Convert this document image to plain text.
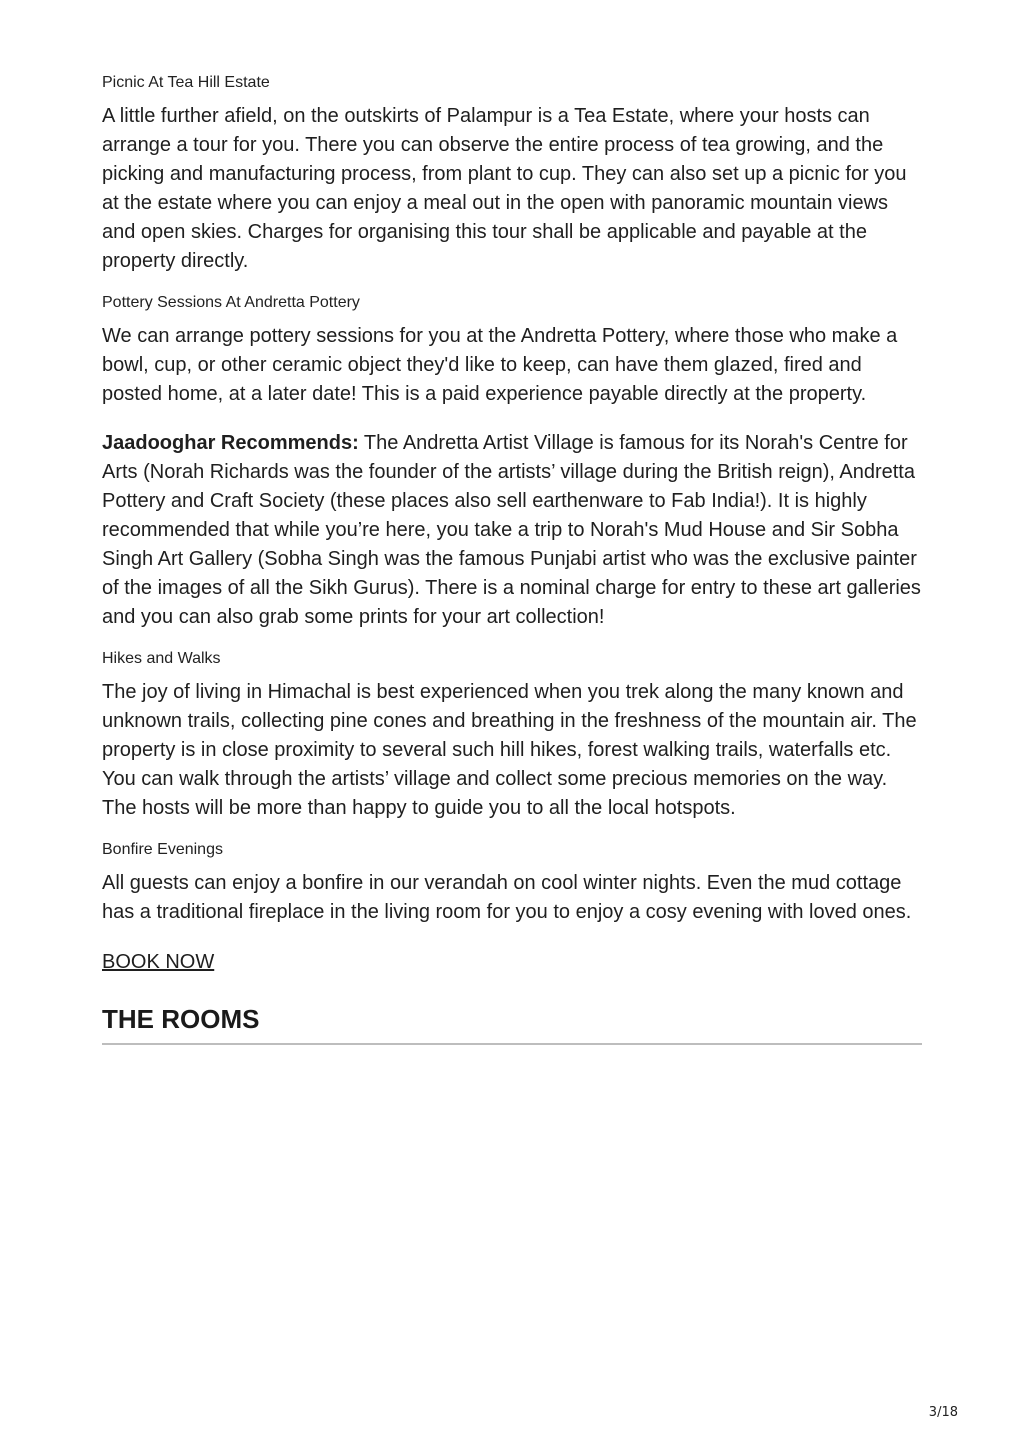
Picnic At Tea Hill Estate

A little further afield, on the outskirts of Palampur is a Tea Estate, where your hosts can arrange a tour for you. There you can observe the entire process of tea growing, and the picking and manufacturing process, from plant to cup. They can also set up a picnic for you at the estate where you can enjoy a meal out in the open with panoramic mountain views and open skies. Charges for organising this tour shall be applicable and payable at the property directly.

Pottery Sessions At Andretta Pottery

We can arrange pottery sessions for you at the Andretta Pottery, where those who make a bowl, cup, or other ceramic object they'd like to keep, can have them glazed, fired and posted home, at a later date! This is a paid experience payable directly at the property.

Jaadooghar Recommends: The Andretta Artist Village is famous for its Norah's Centre for Arts (Norah Richards was the founder of the artists’ village during the British reign), Andretta Pottery and Craft Society (these places also sell earthenware to Fab India!). It is highly recommended that while you’re here, you take a trip to Norah's Mud House and Sir Sobha Singh Art Gallery (Sobha Singh was the famous Punjabi artist who was the exclusive painter of the images of all the Sikh Gurus). There is a nominal charge for entry to these art galleries and you can also grab some prints for your art collection!

Hikes and Walks

The joy of living in Himachal is best experienced when you trek along the many known and unknown trails, collecting pine cones and breathing in the freshness of the mountain air. The property is in close proximity to several such hill hikes, forest walking trails, waterfalls etc. You can walk through the artists’ village and collect some precious memories on the way. The hosts will be more than happy to guide you to all the local hotspots.

Bonfire Evenings

All guests can enjoy a bonfire in our verandah on cool winter nights. Even the mud cottage has a traditional fireplace in the living room for you to enjoy a cosy evening with loved ones.

BOOK NOW
THE ROOMS
3/18
